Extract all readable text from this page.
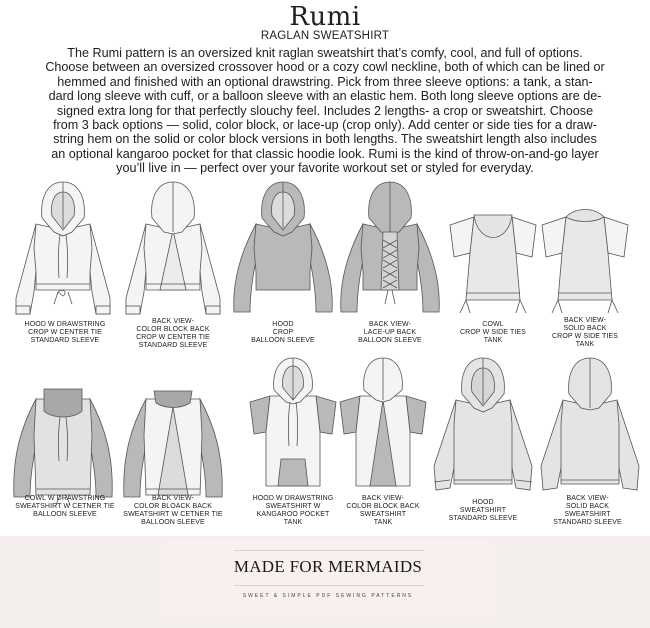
Rumi
RAGLAN SWEATSHIRT
The Rumi pattern is an oversized knit raglan sweatshirt that’s comfy, cool, and full of options.
Choose between an oversized crossover hood or a cozy cowl neckline, both of which can be lined or
hemmed and finished with an optional drawstring. Pick from three sleeve options: a tank, a stan-
dard long sleeve with cuff, or a balloon sleeve with an elastic hem. Both long sleeve options are de-
signed extra long for that perfectly slouchy feel. Includes 2 lengths- a crop or sweatshirt. Choose
from 3 back options — solid, color block, or lace-up (crop only). Add center or side ties for a draw-
string hem on the solid or color block versions in both lengths. The sweatshirt length also includes
an optional kangaroo pocket for that classic hoodie look. Rumi is the kind of throw-on-and-go layer
you’ll live in — perfect over your favorite workout set or styled for everyday.
HOOD W DRAWSTRING
CROP W CENTER TIE
STANDARD SLEEVE
BACK VIEW-
COLOR BLOCK BACK
CROP W CENTER TIE
STANDARD SLEEVE
HOOD
CROP
BALLOON SLEEVE
BACK VIEW-
LACE-UP BACK
BALLOON SLEEVE
COWL
CROP W SIDE TIES
TANK
BACK VIEW-
SOLID BACK
CROP W SIDE TIES
TANK
COWL W DRAWSTRING
SWEATSHIRT W CETNER TIE
BALLOON SLEEVE
BACK VIEW-
COLOR BLOACK BACK
SWEATSHIRT W CETNER TIE
BALLOON SLEEVE
HOOD W DRAWSTRING
SWEATSHIRT W
KANGAROO POCKET
TANK
BACK VIEW-
COLOR BLOCK BACK
SWEATSHIRT
TANK
HOOD
SWEATSHIRT
STANDARD SLEEVE
BACK VIEW-
SOLID BACK
SWEATSHIRT
STANDARD SLEEVE
MADE FOR MERMAIDS
SWEET & SIMPLE PDF SEWING PATTERNS
